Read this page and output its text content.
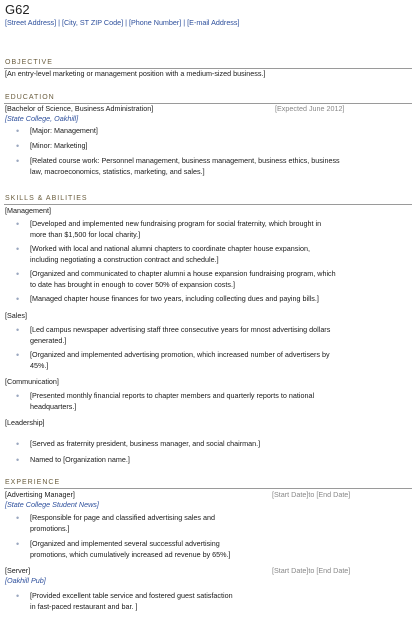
G62
[Street Address] | [City, ST ZIP Code] | [Phone Number] | [E-mail Address]
OBJECTIVE
[An entry-level marketing or management position with a medium-sized business.]
EDUCATION
[Bachelor of Science, Business Administration]	[Expected June 2012]
[State College, Oakhill]
• [Major: Management]
• [Minor: Marketing]
• [Related course work: Personnel management, business management, business ethics, business
law, macroeconomics, statistics, marketing, and sales.]
SKILLS & ABILITIES
[Management]
• [Developed and implemented new fundraising program for social fraternity, which brought in
more than $1,500 for local charity.]
• [Worked with local and national alumni chapters to coordinate chapter house expansion,
including negotiating a construction contract and schedule.]
• [Organized and communicated to chapter alumni a house expansion fundraising program, which
to date has brought in enough to cover 50% of expansion costs.]
• [Managed chapter house finances for two years, including collecting dues and paying bills.]
[Sales]
• [Led campus newspaper advertising staff three consecutive years for mnost advertising dollars
generated.]
• [Organized and implemented advertising promotion, which increased number of advertisers by
45%.]
[Communication]
• [Presented monthly financial reports to chapter members and quarterly reports to national
headquarters.]
[Leadership]
• [Served as fraternity president, business manager, and social chairman.]
• Named to [Organization name.]
EXPERIENCE
[Advertising Manager]	[Start Date]to [End Date]
[State College Student News]
• [Responsible for page and classified advertising sales and
promotions.]
• [Organized and implemented several successful advertising
promotions, which cumulatively increased ad revenue by 65%.]
[Server]	[Start Date]to [End Date]
[Oakhill Pub]
• [Provided excellent table service and fostered guest satisfaction
in fast-paced restaurant and bar. ]
